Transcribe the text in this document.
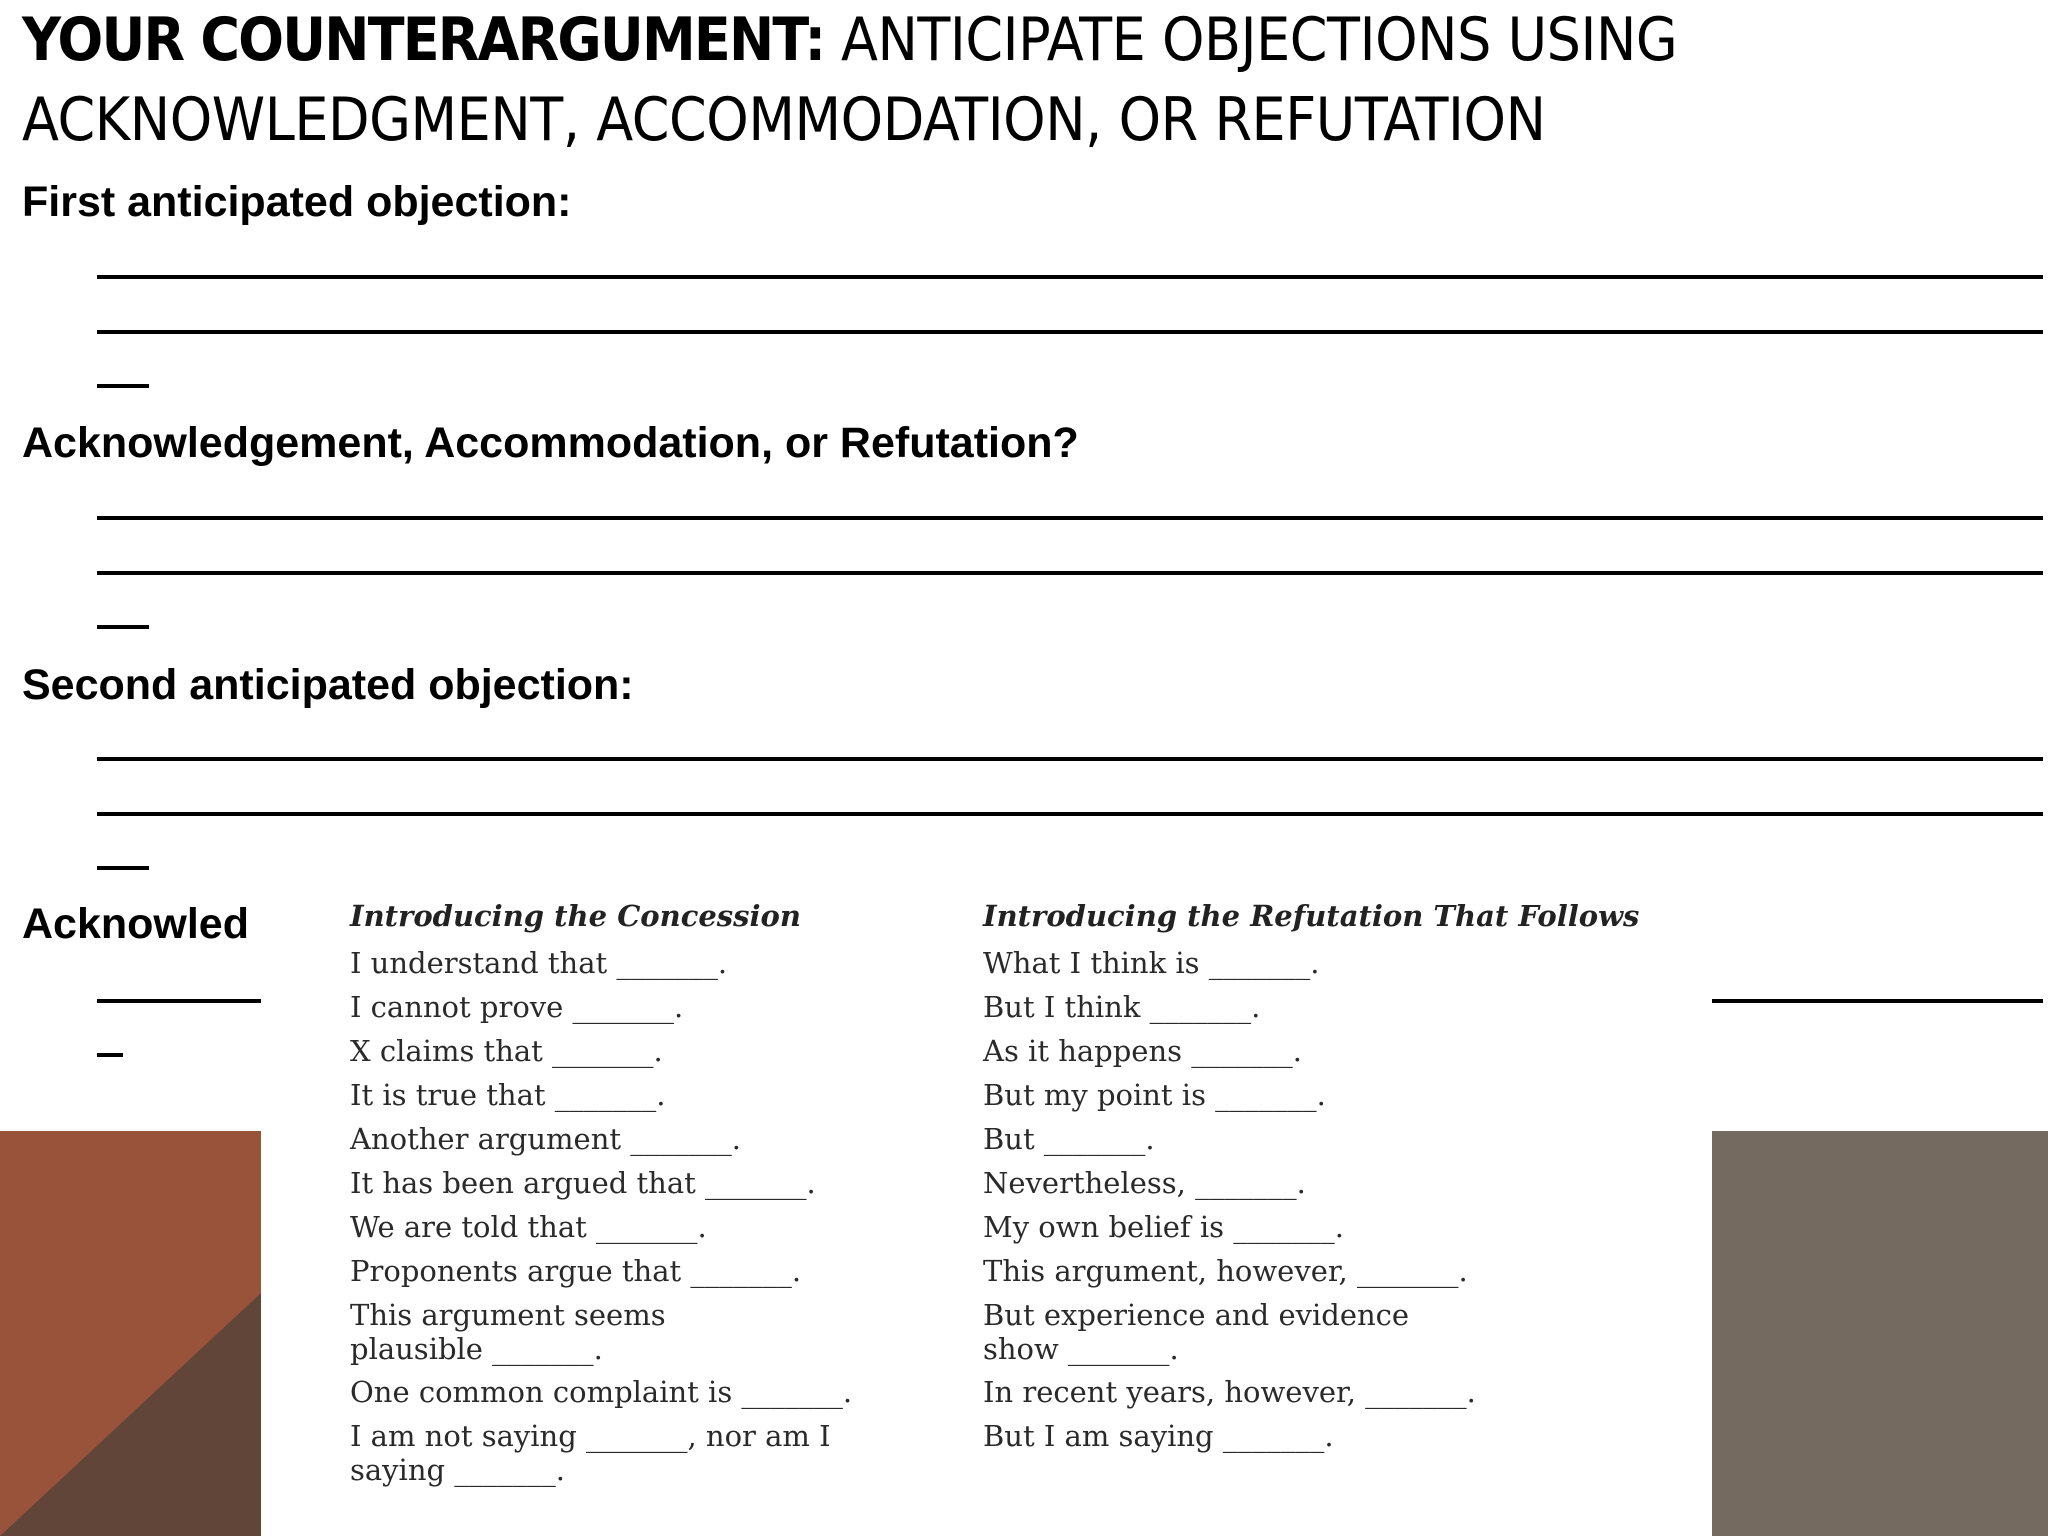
YOUR COUNTERARGUMENT: ANTICIPATE OBJECTIONS USING ACKNOWLEDGMENT, ACCOMMODATION, OR REFUTATION
First anticipated objection:
Acknowledgement, Accommodation, or Refutation?
Second anticipated objection:
Acknowled	Introducing the Concession
I understand that _______.
I cannot prove _______.
X claims that _______.
It is true that _______.
Another argument _______.
It has been argued that _______.
We are told that _______.
Proponents argue that _______.
This argument seems plausible _______.
One common complaint is _______.
I am not saying _______, nor am I saying _______.
Introducing the Refutation That Follows
What I think is _______.
But I think _______.
As it happens _______.
But my point is _______.
But _______.
Nevertheless, _______.
My own belief is _______.
This argument, however, _______.
But experience and evidence show _______.
In recent years, however, _______.
But I am saying _______.
